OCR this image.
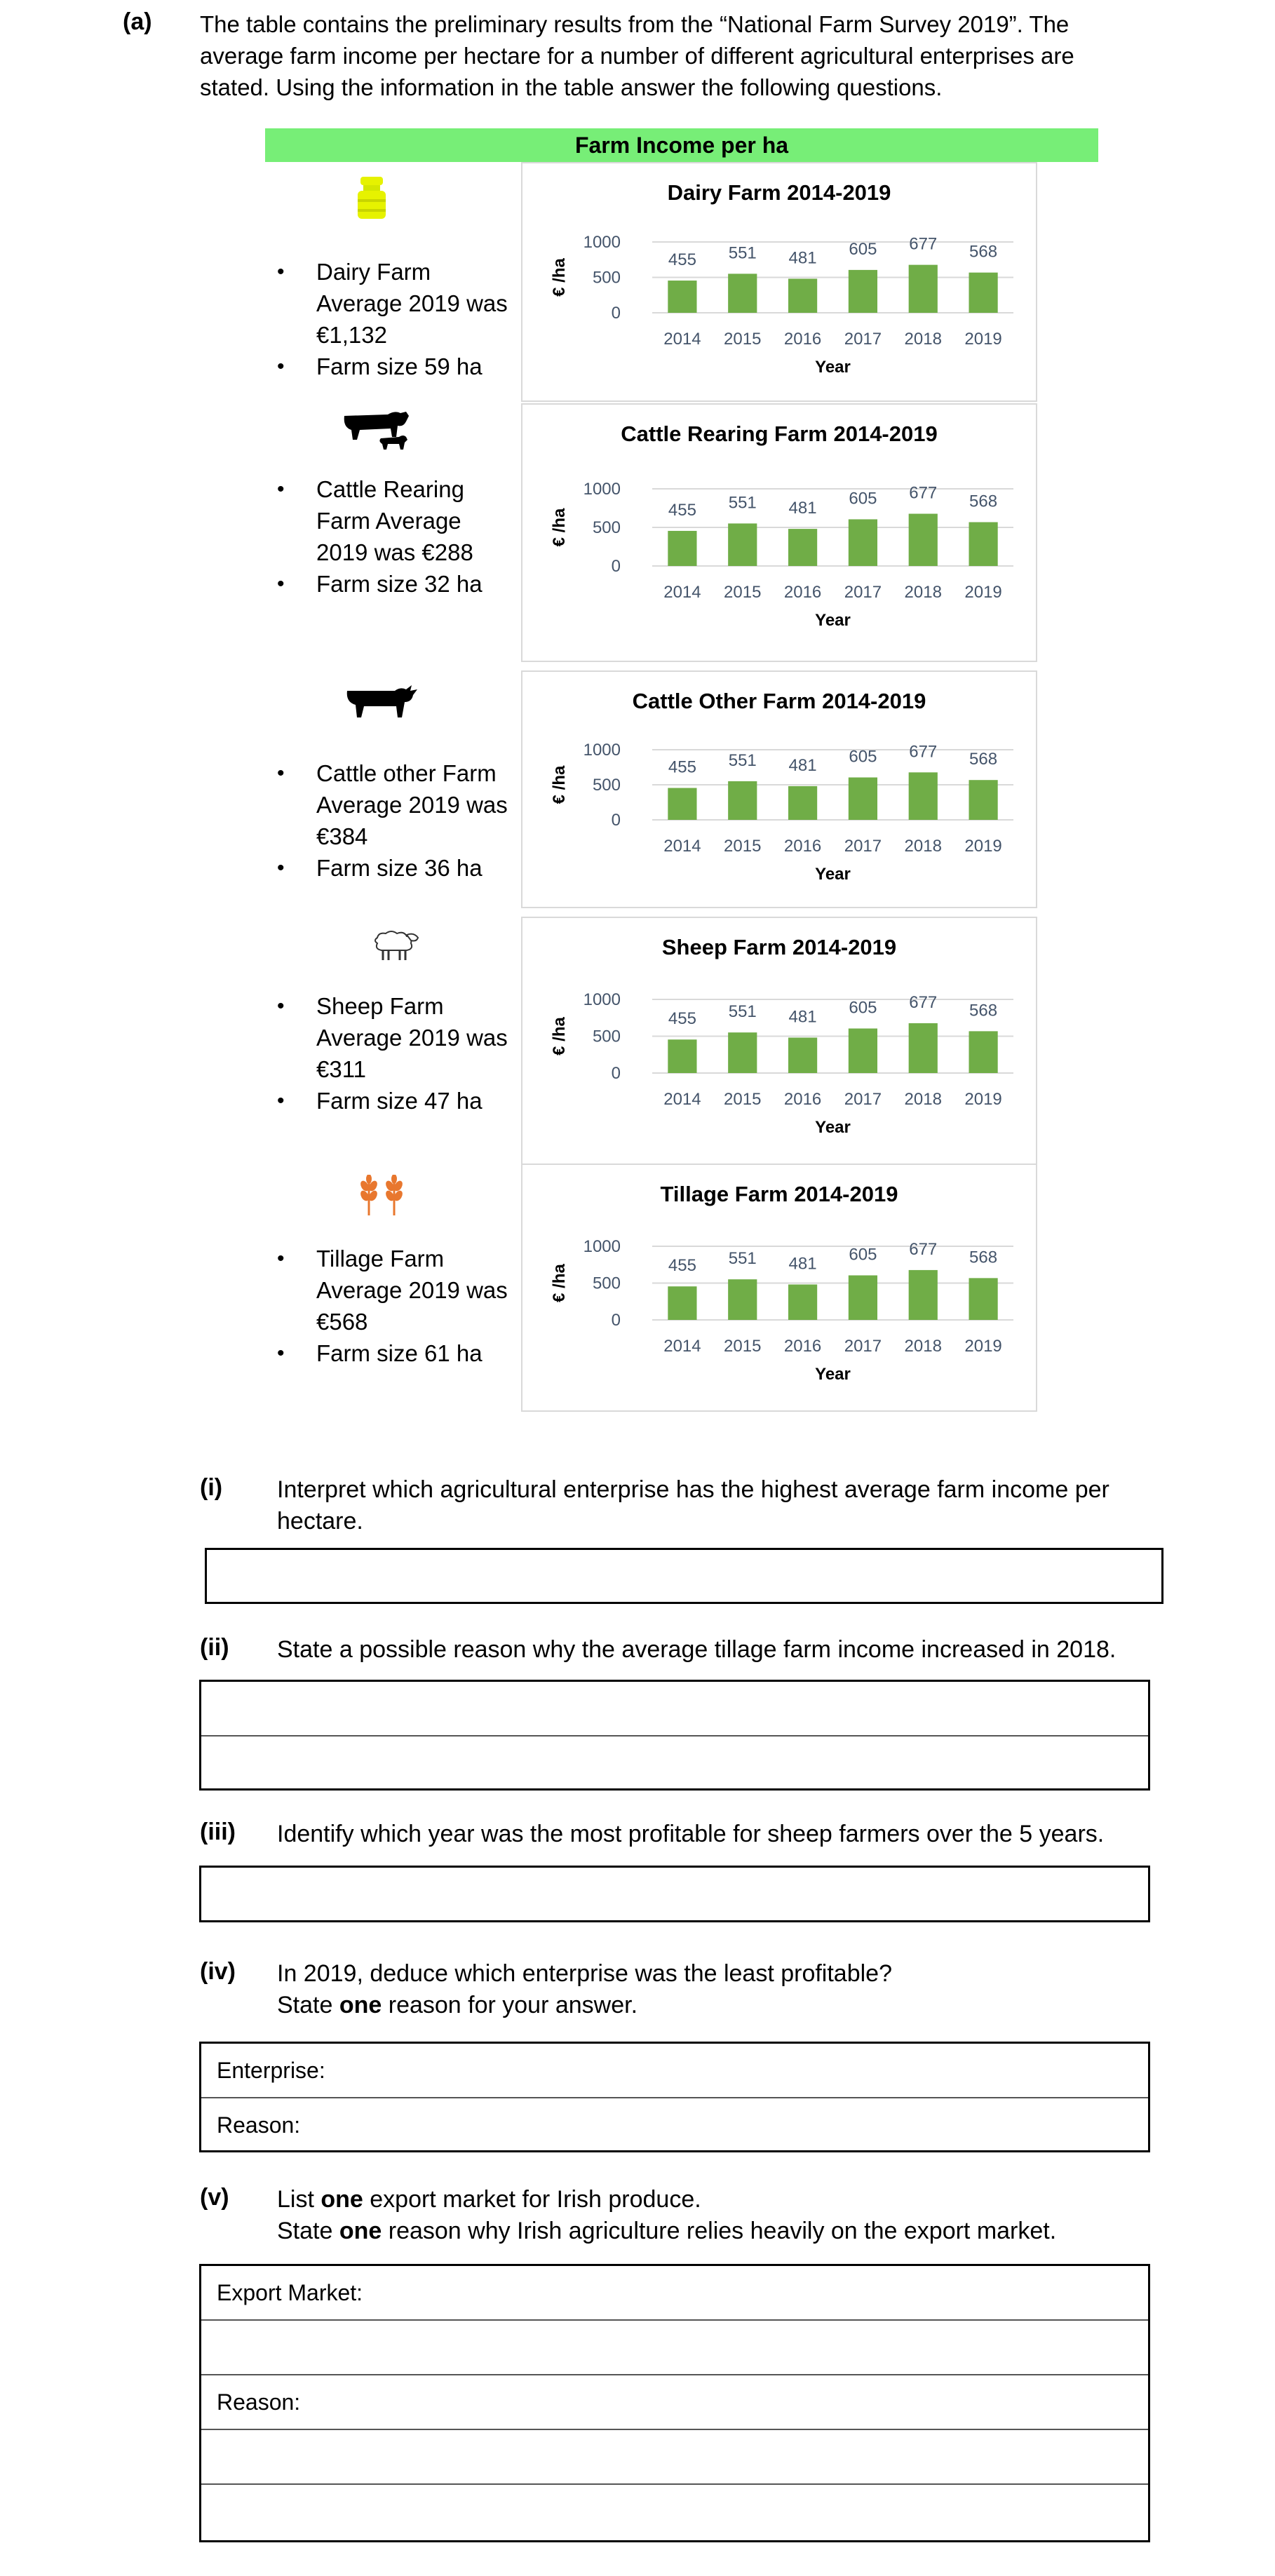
(a) The table contains the preliminary results from the “National Farm Survey 2019”. The average farm income per hectare for a number of different agricultural enterprises are stated. Using the information in the table answer the following questions.
Farm Income per ha
• Dairy Farm Average 2019 was €1,132
• Farm size 59 ha
• Cattle Rearing Farm Average 2019 was €288
• Farm size 32 ha
• Cattle other Farm Average 2019 was €384
• Farm size 36 ha
• Sheep Farm Average 2019 was €311
• Farm size 47 ha
• Tillage Farm Average 2019 was €568
• Farm size 61 ha
Dairy Farm 2014-2019
0
500
1000
€ /ha	455
2014
551
2015
481
2016
605
2017
677
2018
568
2019
Year
Cattle Rearing Farm 2014-2019
0
500
1000
€ /ha	455
2014
551
2015
481
2016
605
2017
677
2018
568
2019
Year
Cattle Other Farm 2014-2019
0
500
1000
€ /ha	455
2014
551
2015
481
2016
605
2017
677
2018
568
2019
Year
Sheep Farm 2014-2019
0
500
1000
€ /ha	455
2014
551
2015
481
2016
605
2017
677
2018
568
2019
Year
Tillage Farm 2014-2019
0
500
1000
€ /ha	455
2014
551
2015
481
2016
605
2017
677
2018
568
2019
Year
(i) Interpret which agricultural enterprise has the highest average farm income per hectare.
(ii) State a possible reason why the average tillage farm income increased in 2018.
(iii) Identify which year was the most profitable for sheep farmers over the 5 years.
(iv) In 2019, deduce which enterprise was the least profitable?
State one reason for your answer.
Enterprise:
Reason:
(v) List one export market for Irish produce.
State one reason why Irish agriculture relies heavily on the export market.
Export Market:
Reason:
